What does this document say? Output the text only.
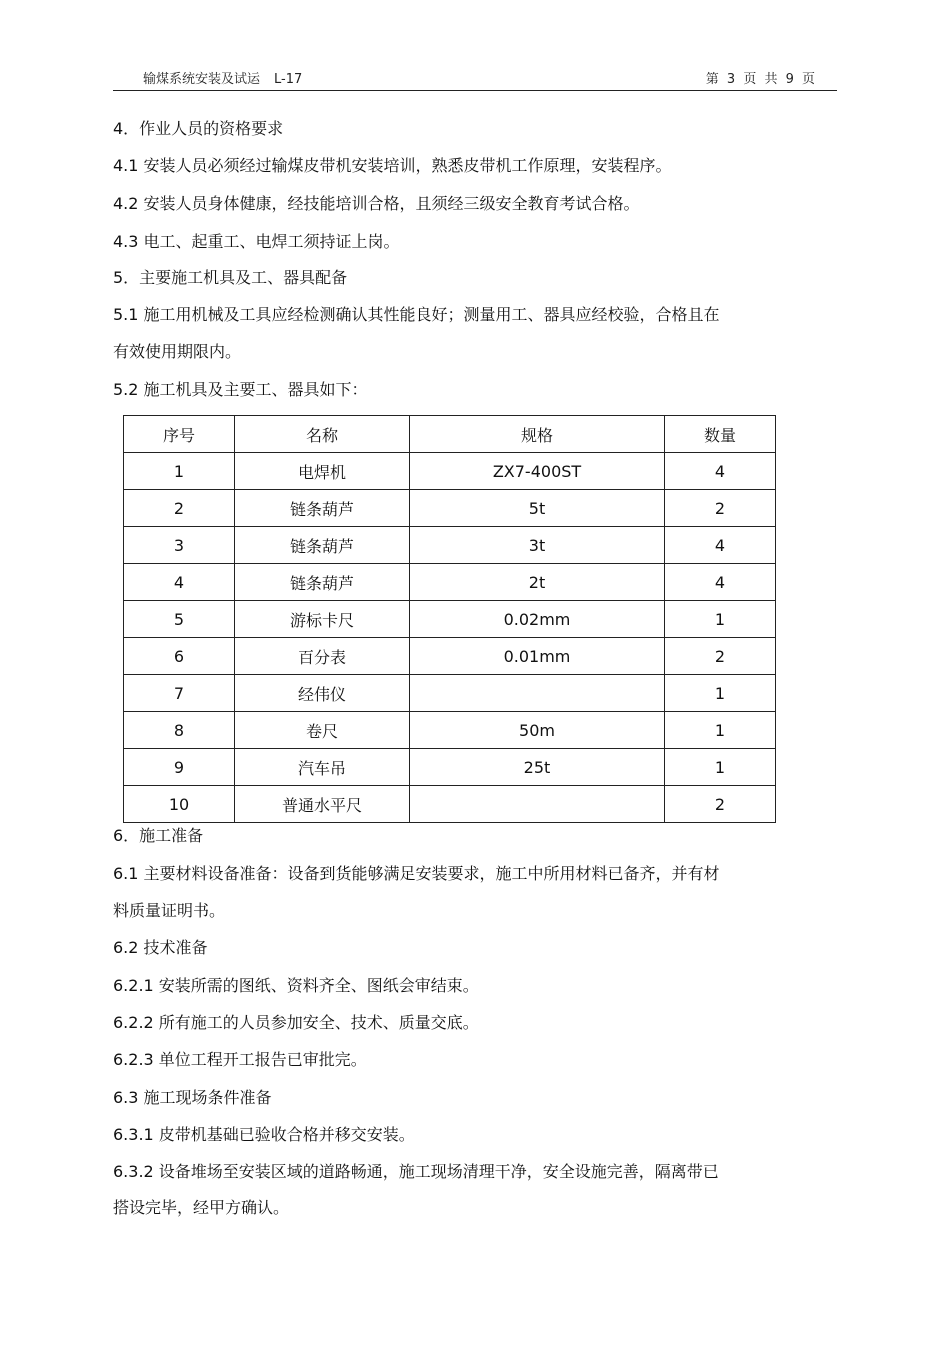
输煤系统安装及试运 L-17	第 3 页 共 9 页
4．作业人员的资格要求
4.1 安装人员必须经过输煤皮带机安装培训，熟悉皮带机工作原理，安装程序。
4.2 安装人员身体健康，经技能培训合格，且须经三级安全教育考试合格。
4.3 电工、起重工、电焊工须持证上岗。
5．主要施工机具及工、器具配备
5.1 施工用机械及工具应经检测确认其性能良好；测量用工、器具应经校验，合格且在
有效使用期限内。
5.2 施工机具及主要工、器具如下：
序号	名称	规格	数量
1	电焊机	ZX7-400ST	4
2	链条葫芦	5t	2
3	链条葫芦	3t	4
4	链条葫芦	2t	4
5	游标卡尺	0.02mm	1
6	百分表	0.01mm	2
7	经伟仪		1
8	卷尺	50m	1
9	汽车吊	25t	1
10	普通水平尺		2
6．施工准备
6.1 主要材料设备准备：设备到货能够满足安装要求，施工中所用材料已备齐，并有材
料质量证明书。
6.2 技术准备
6.2.1 安装所需的图纸、资料齐全、图纸会审结束。
6.2.2 所有施工的人员参加安全、技术、质量交底。
6.2.3 单位工程开工报告已审批完。
6.3 施工现场条件准备
6.3.1 皮带机基础已验收合格并移交安装。
6.3.2 设备堆场至安装区域的道路畅通，施工现场清理干净，安全设施完善，隔离带已
搭设完毕，经甲方确认。
